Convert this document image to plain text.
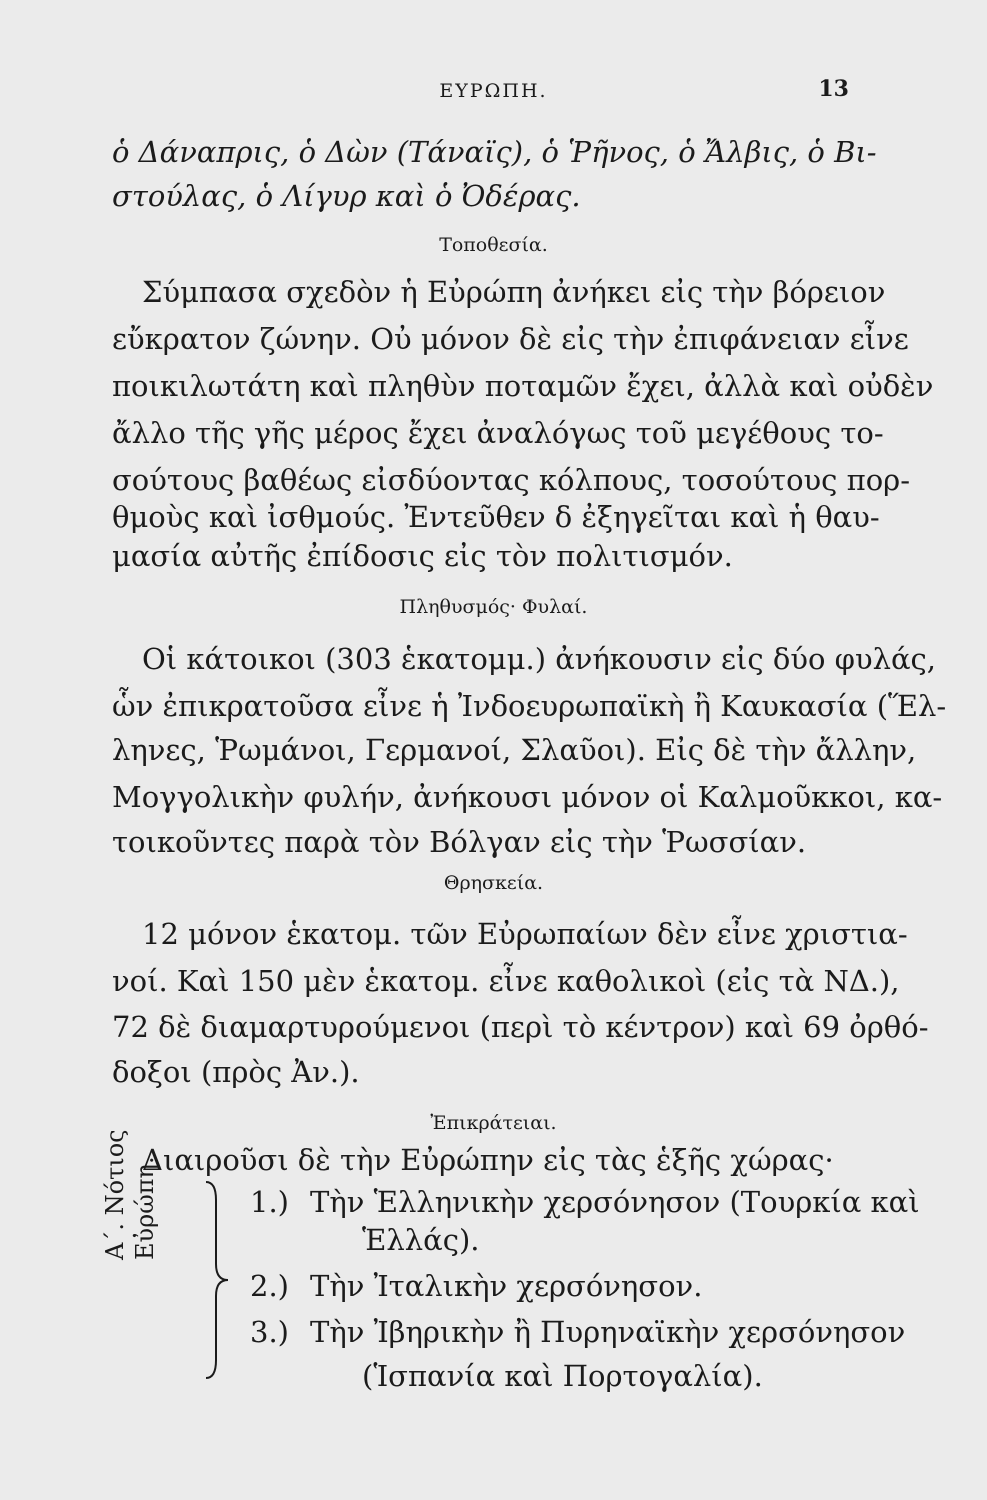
ΕΥΡΩΠΗ.	13
ὁ Δάναπρις, ὁ Δὼν (Τάναϊς), ὁ Ῥῆνος, ὁ Ἄλβις, ὁ Βι-
στούλας, ὁ Λίγυρ καὶ ὁ Ὀδέρας.
Τοποθεσία.
Σύμπασα σχεδὸν ἡ Εὐρώπη ἀνήκει εἰς τὴν βόρειον
εὔκρατον ζώνην. Οὐ μόνον δὲ εἰς τὴν ἐπιφάνειαν εἶνε
ποικιλωτάτη καὶ πληθὺν ποταμῶν ἔχει, ἀλλὰ καὶ οὐδὲν
ἄλλο τῆς γῆς μέρος ἔχει ἀναλόγως τοῦ μεγέθους το-
σούτους βαθέως εἰσδύοντας κόλπους, τοσούτους πορ-
θμοὺς καὶ ἰσθμούς. Ἐντεῦθεν δ ἐξηγεῖται καὶ ἡ θαυ-
μασία αὐτῆς ἐπίδοσις εἰς τὸν πολιτισμόν.
Πληθυσμός· Φυλαί.
Οἱ κάτοικοι (303 ἑκατομμ.) ἀνήκουσιν εἰς δύο φυλάς,
ὧν ἐπικρατοῦσα εἶνε ἡ Ἰνδοευρωπαϊκὴ ἢ Καυκασία (Ἕλ-
ληνες, Ῥωμάνοι, Γερμανοί, Σλαῦοι). Εἰς δὲ τὴν ἄλλην,
Μογγολικὴν φυλήν, ἀνήκουσι μόνον οἱ Καλμοῦκκοι, κα-
τοικοῦντες παρὰ τὸν Βόλγαν εἰς τὴν Ῥωσσίαν.
Θρησκεία.
12 μόνον ἑκατομ. τῶν Εὐρωπαίων δὲν εἶνε χριστια-
νοί. Καὶ 150 μὲν ἑκατομ. εἶνε καθολικοὶ (εἰς τὰ ΝΔ.),
72 δὲ διαμαρτυρούμενοι (περὶ τὸ κέντρον) καὶ 69 ὀρθό-
δοξοι (πρὸς Ἀν.).
Ἐπικράτειαι.
Διαιροῦσι δὲ τὴν Εὐρώπην εἰς τὰς ἑξῆς χώρας·
Α΄. Νότιος Εὐρώπη.	1.) Τὴν Ἑλληνικὴν χερσόνησον (Τουρκία καὶ
Ἑλλάς).
2.) Τὴν Ἰταλικὴν χερσόνησον.
3.) Τὴν Ἰβηρικὴν ἢ Πυρηναϊκὴν χερσόνησον
(Ἱσπανία καὶ Πορτογαλία).
